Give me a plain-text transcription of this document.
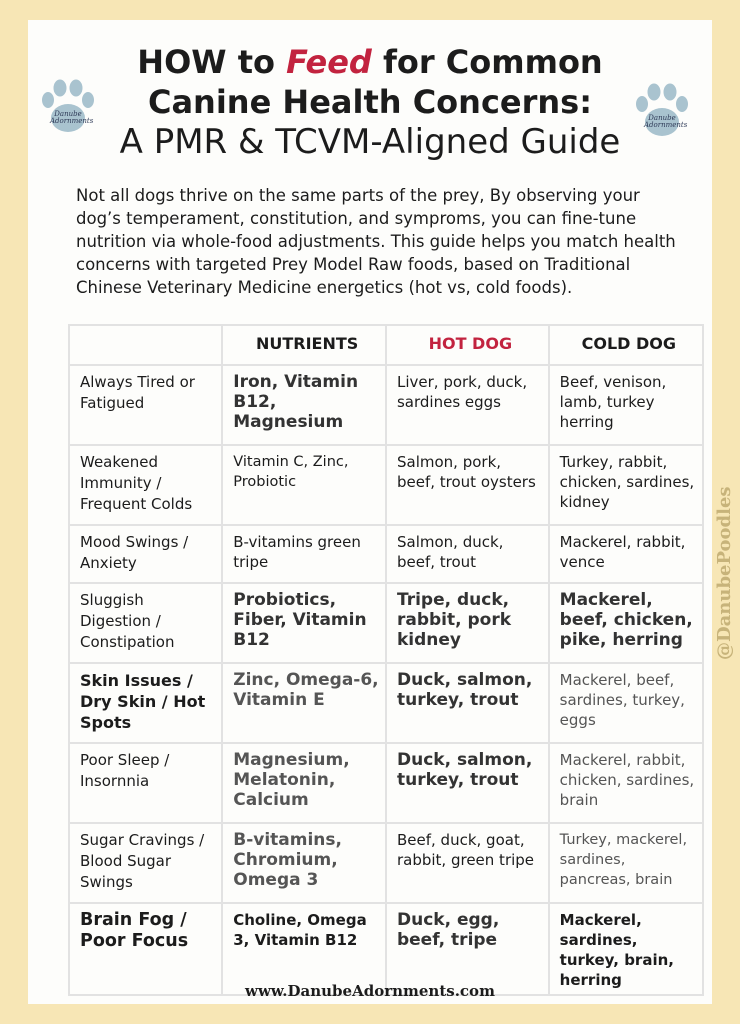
Danube Adornments	Danube Adornments
HOW to Feed for Common
Canine Health Concerns:
A PMR & TCVM-Aligned Guide

Not all dogs thrive on the same parts of the prey, By observing your dog’s temperament, constitution, and symproms, you can fine-tune nutrition via whole-food adjustments. This guide helps you match health concerns with targeted Prey Model Raw foods, based on Traditional Chinese Veterinary Medicine energetics (hot vs, cold foods).

	NUTRIENTS	HOT DOG	COLD DOG
Always Tired or Fatigued	Iron, Vitamin B12, Magnesium	Liver, pork, duck, sardines eggs	Beef, venison, lamb, turkey herring
Weakened Immunity / Frequent Colds	Vitamin C, Zinc, Probiotic	Salmon, pork, beef, trout oysters	Turkey, rabbit, chicken, sardines, kidney
Mood Swings / Anxiety	B-vitamins green tripe	Salmon, duck, beef, trout	Mackerel, rabbit, vence
Sluggish Digestion / Constipation	Probiotics, Fiber, Vitamin B12	Tripe, duck, rabbit, pork kidney	Mackerel, beef, chicken, pike, herring
Skin Issues / Dry Skin / Hot Spots	Zinc, Omega-6, Vitamin E	Duck, salmon, turkey, trout	Mackerel, beef, sardines, turkey, eggs
Poor Sleep / Insornnia	Magnesium, Melatonin, Calcium	Duck, salmon, turkey, trout	Mackerel, rabbit, chicken, sardines, brain
Sugar Cravings / Blood Sugar Swings	B-vitamins, Chromium, Omega 3	Beef, duck, goat, rabbit, green tripe	Turkey, mackerel, sardines, pancreas, brain
Brain Fog / Poor Focus	Choline, Omega 3, Vitamin B12	Duck, egg, beef, tripe	Mackerel, sardines, turkey, brain, herring
@DanubePoodles
www.DanubeAdornments.com
